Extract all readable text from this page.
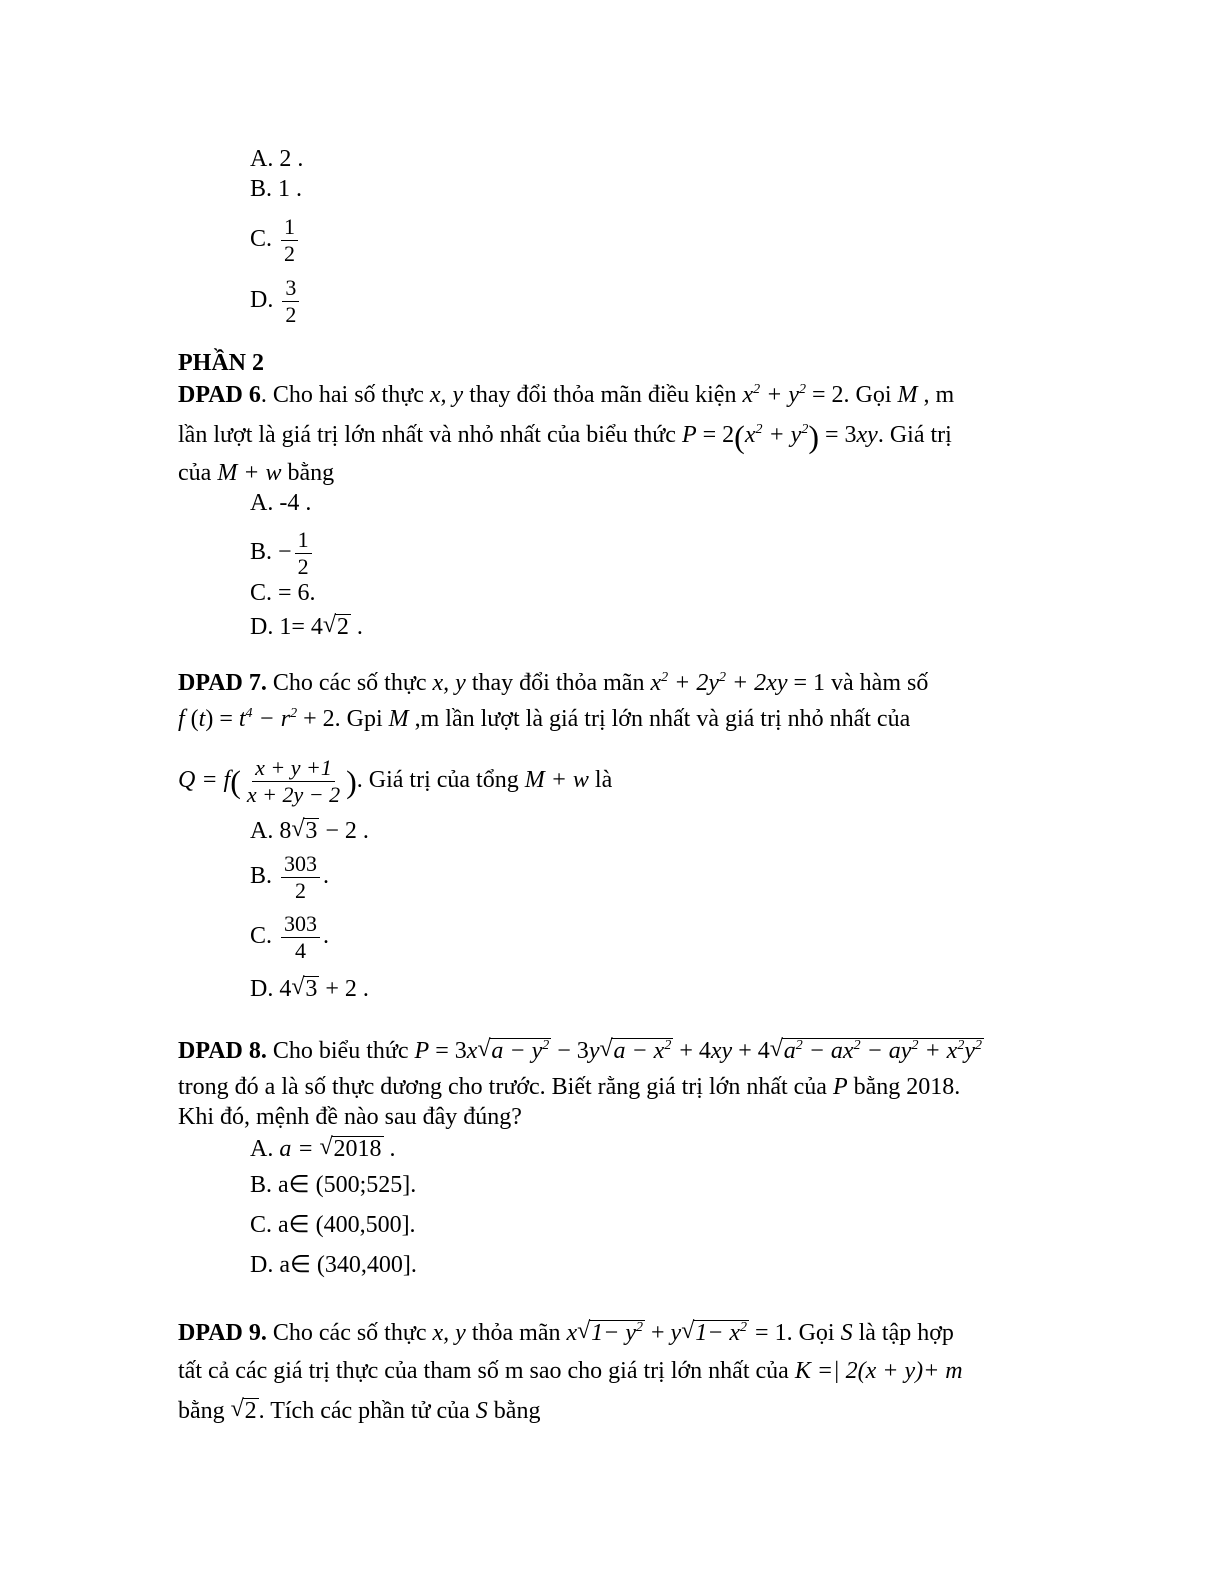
A. 2 .
B. 1 .
C. $\frac{1}{2}$
D. $\frac{3}{2}$
PHẦN 2
DPAD 6. Cho hai số thực x, y thay đổi thỏa mãn điều kiện $x^2 + y^2 = 2$. Gọi M , m
lần lượt là giá trị lớn nhất và nhỏ nhất của biểu thức $P = 2(x^2 + y^2) = 3xy$. Giá trị
của M + w bằng
A. -4 .
B. − $\frac{1}{2}$
C. = 6.
D. 1= 4√ 2 .
DPAD 7. Cho các số thực x, y thay đổi thỏa mãn $x^2 + 2y^2 + 2xy = 1$ và hàm số
f $(t) = t^4 - r^2 + 2$. Gpi M ,m lần lượt là giá trị lớn nhất và giá trị nhỏ nhất của
$Q = f( \frac{x + y +1}{x + 2y - 2}$ ). Giá trị của tổng M + w là
A. 8√ 3 − 2 .
B. $\frac{303}{2}$ .
C. $\frac{303}{4}$ .
D. 4√ 3 + 2 .
DPAD 8. Cho biểu thức P = 3x√ $a - y^2 - 3y√$ $a - x^2 + 4xy + 4√$ $a^2 - ax^2 - ay^2 + x^2y^2$
trong đó a là số thực dương cho trước. Biết rằng giá trị lớn nhất của P bằng 2018.
Khi đó, mệnh đề nào sau đây đúng?
A. a = √ 2018 .
B. a∈ (500;525].
C. a∈ (400,500].
D. a∈ (340,400].
DPAD 9. Cho các số thực x, y thỏa mãn x√ $1- y^2 + y√$ $1- x^2 = 1$. Gọi S là tập hợp
tất cả các giá trị thực của tham số m sao cho giá trị lớn nhất của K =| 2(x + y)+ m
bằng √ 2. Tích các phần tử của S bằng
